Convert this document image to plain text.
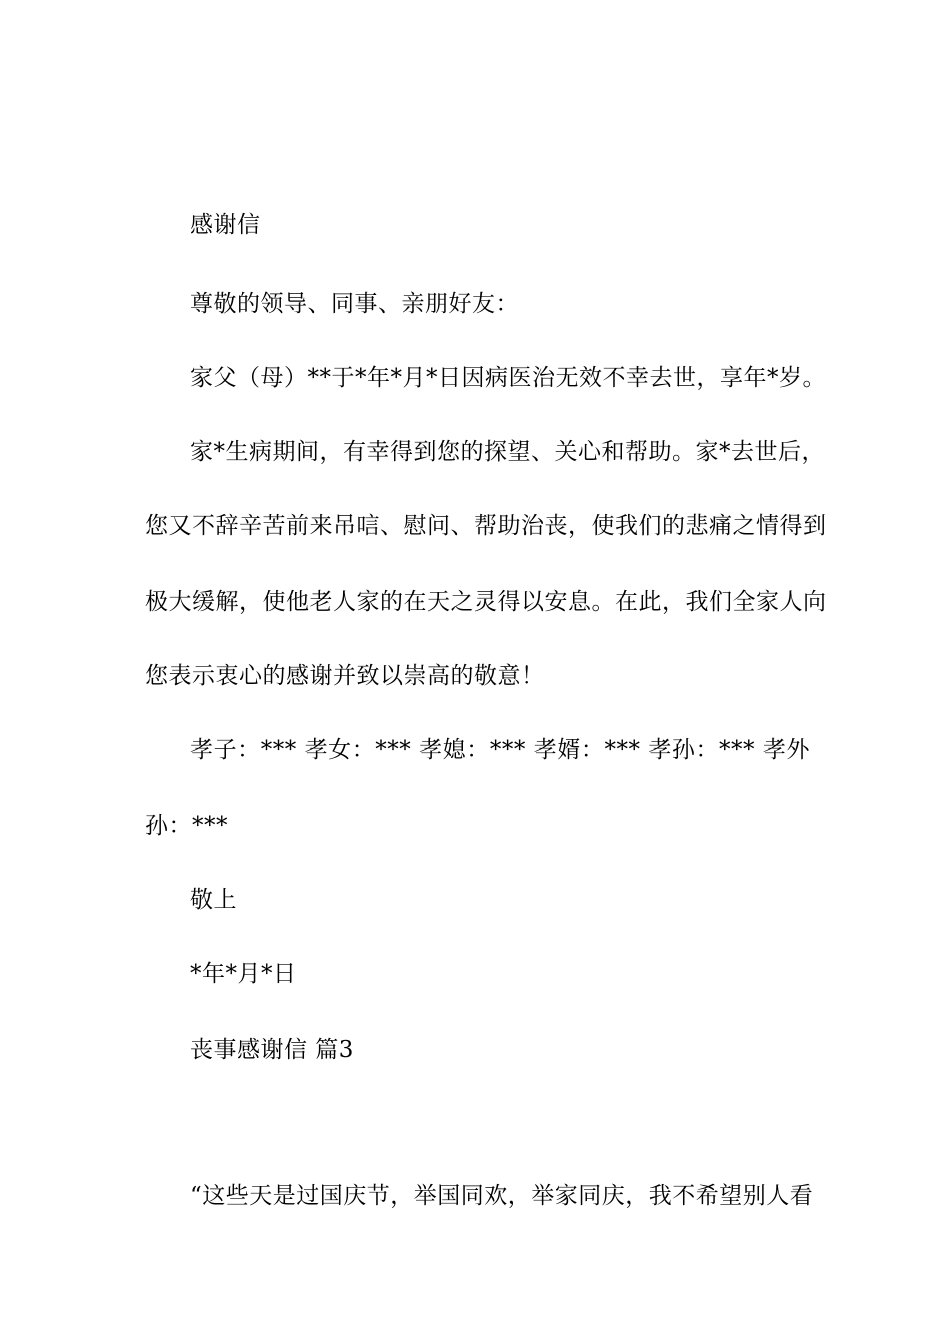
感谢信
尊敬的领导、同事、亲朋好友：
家父（母）**于*年*月*日因病医治无效不幸去世，享年*岁。
家*生病期间，有幸得到您的探望、关心和帮助。家*去世后，
您又不辞辛苦前来吊唁、慰问、帮助治丧，使我们的悲痛之情得到
极大缓解，使他老人家的在天之灵得以安息。在此，我们全家人向
您表示衷心的感谢并致以崇高的敬意！
孝子：*** 孝女：*** 孝媳：*** 孝婿：*** 孝孙：*** 孝外
孙：***
敬上
*年*月*日
丧事感谢信 篇3
“这些天是过国庆节，举国同欢，举家同庆，我不希望别人看
